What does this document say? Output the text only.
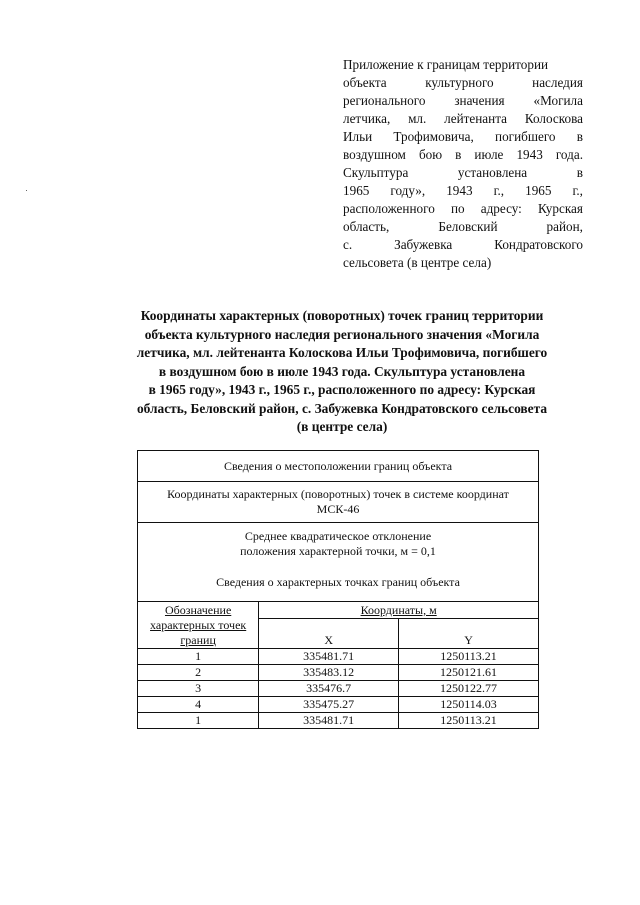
Приложение к границам территории
объекта	культурного	наследия
регионального значения «Могила
летчика, мл. лейтенанта Колоскова
Ильи Трофимовича, погибшего в
воздушном бою в июле 1943 года.
Скульптура	установлена	в
1965 году», 1943 г., 1965 г.,
расположенного по адресу: Курская
область,	Беловский	район,
с.	Забужевка	Кондратовского
сельсовета (в центре села)
Координаты характерных (поворотных) точек границ территории
объекта культурного наследия регионального значения «Могила
летчика, мл. лейтенанта Колоскова Ильи Трофимовича, погибшего
в воздушном бою в июле 1943 года. Скульптура установлена
в 1965 году», 1943 г., 1965 г., расположенного по адресу: Курская
область, Беловский район, с. Забужевка Кондратовского сельсовета
(в центре села)
Сведения о местоположении границ объекта		

Координаты характерных (поворотных) точек в системе координат
МСК-46		

Среднее квадратическое отклонение
положения характерной точки, м = 0,1
Сведения о характерных точках границ объекта		

Обозначение
характерных точек
границ	Координаты, м	
	X	Y
1	335481.71	1250113.21
2	335483.12	1250121.61
3	335476.7	1250122.77
4	335475.27	1250114.03
1	335481.71	1250113.21
